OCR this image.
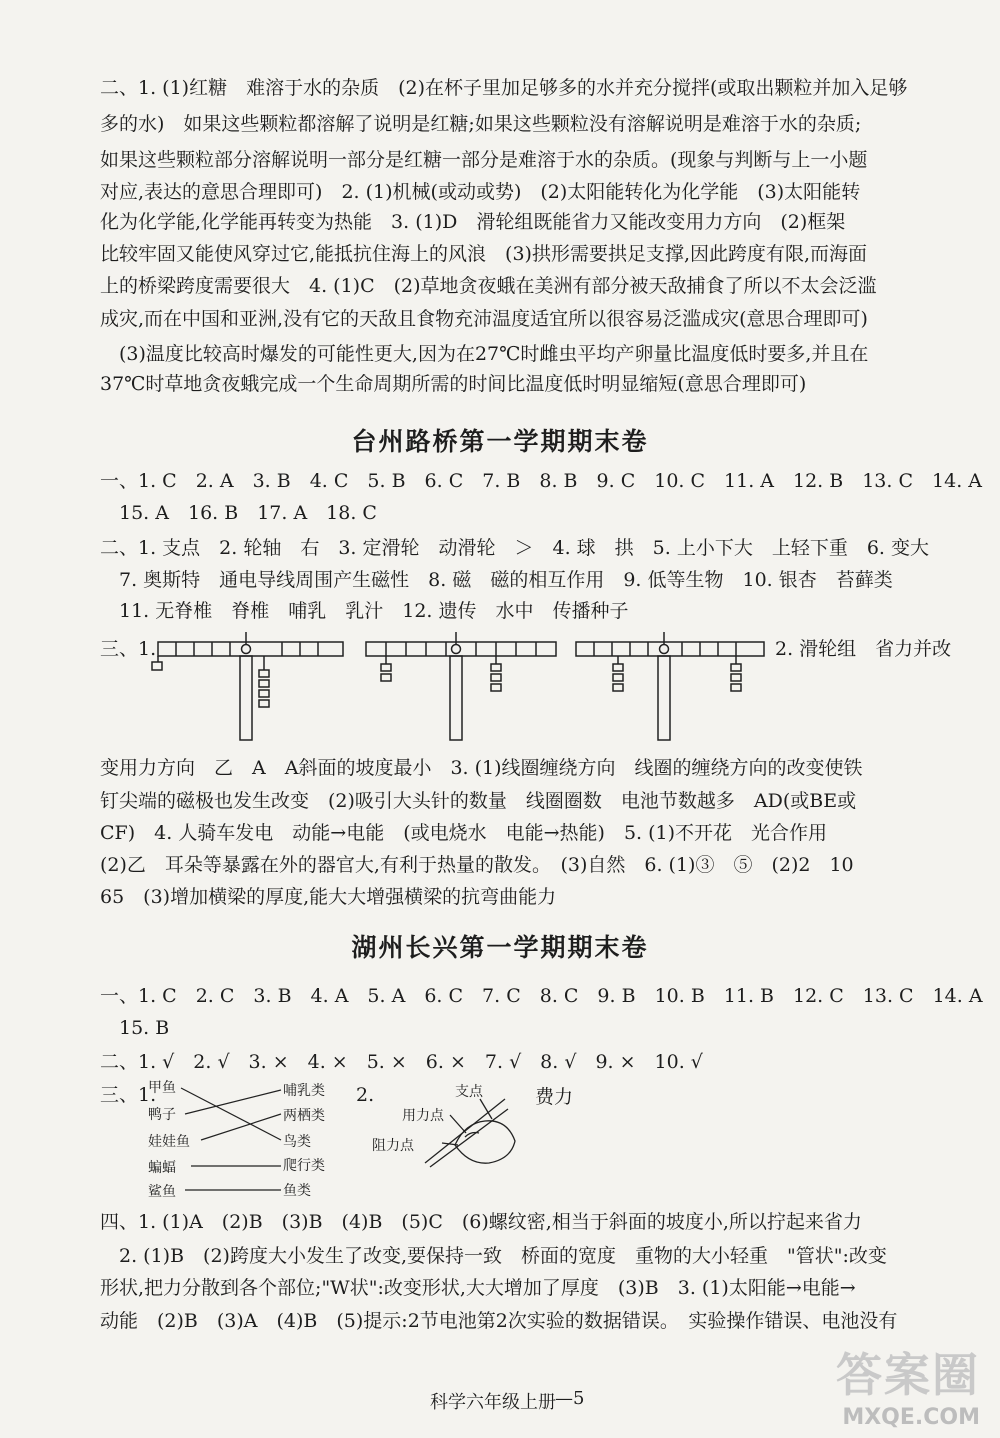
二、1. (1)红糖　难溶于水的杂质　(2)在杯子里加足够多的水并充分搅拌(或取出颗粒并加入足够
多的水)　如果这些颗粒都溶解了说明是红糖;如果这些颗粒没有溶解说明是难溶于水的杂质;
如果这些颗粒部分溶解说明一部分是红糖一部分是难溶于水的杂质。(现象与判断与上一小题
对应,表达的意思合理即可)　2. (1)机械(或动或势)　(2)太阳能转化为化学能　(3)太阳能转
化为化学能,化学能再转变为热能　3. (1)D　滑轮组既能省力又能改变用力方向　(2)框架
比较牢固又能使风穿过它,能抵抗住海上的风浪　(3)拱形需要拱足支撑,因此跨度有限,而海面
上的桥梁跨度需要很大　4. (1)C　(2)草地贪夜蛾在美洲有部分被天敌捕食了所以不太会泛滥
成灾,而在中国和亚洲,没有它的天敌且食物充沛温度适宜所以很容易泛滥成灾(意思合理即可)
　(3)温度比较高时爆发的可能性更大,因为在27℃时雌虫平均产卵量比温度低时要多,并且在
37℃时草地贪夜蛾完成一个生命周期所需的时间比温度低时明显缩短(意思合理即可)
台州路桥第一学期期末卷
一、1. C　2. A　3. B　4. C　5. B　6. C　7. B　8. B　9. C　10. C　11. A　12. B　13. C　14. A
　15. A　16. B　17. A　18. C
二、1. 支点　2. 轮轴　右　3. 定滑轮　动滑轮　＞　4. 球　拱　5. 上小下大　上轻下重　6. 变大
　7. 奥斯特　通电导线周围产生磁性　8. 磁　磁的相互作用　9. 低等生物　10. 银杏　苔藓类
　11. 无脊椎　脊椎　哺乳　乳汁　12. 遗传　水中　传播种子
三、1.	2. 滑轮组　省力并改
变用力方向　乙　A　A斜面的坡度最小　3. (1)线圈缠绕方向　线圈的缠绕方向的改变使铁
钉尖端的磁极也发生改变　(2)吸引大头针的数量　线圈圈数　电池节数越多　AD(或BE或
CF)　4. 人骑车发电　动能→电能　(或电烧水　电能→热能)　5. (1)不开花　光合作用
(2)乙　耳朵等暴露在外的器官大,有利于热量的散发。　(3)自然　6. (1)③　⑤　(2)2　10
65　(3)增加横梁的厚度,能大大增强横梁的抗弯曲能力
湖州长兴第一学期期末卷
一、1. C　2. C　3. B　4. A　5. A　6. C　7. C　8. C　9. B　10. B　11. B　12. C　13. C　14. A
　15. B
二、1. √　2. √　3. ×　4. ×　5. ×　6. ×　7. √　8. √　9. ×　10. √
三、1.
甲鱼
鸭子
娃娃鱼
蝙蝠
鲨鱼
哺乳类
两栖类
鸟类
爬行类
鱼类
2.	支点
用力点
阻力点
费力
四、1. (1)A　(2)B　(3)B　(4)B　(5)C　(6)螺纹密,相当于斜面的坡度小,所以拧起来省力
　2. (1)B　(2)跨度大小发生了改变,要保持一致　桥面的宽度　重物的大小轻重　"管状":改变
形状,把力分散到各个部位;"W状":改变形状,大大增加了厚度　(3)B　3. (1)太阳能→电能→
动能　(2)B　(3)A　(4)B　(5)提示:2节电池第2次实验的数据错误。　实验操作错误、电池没有
科学六年级上册 —5	答案圈
MXQE.COM
